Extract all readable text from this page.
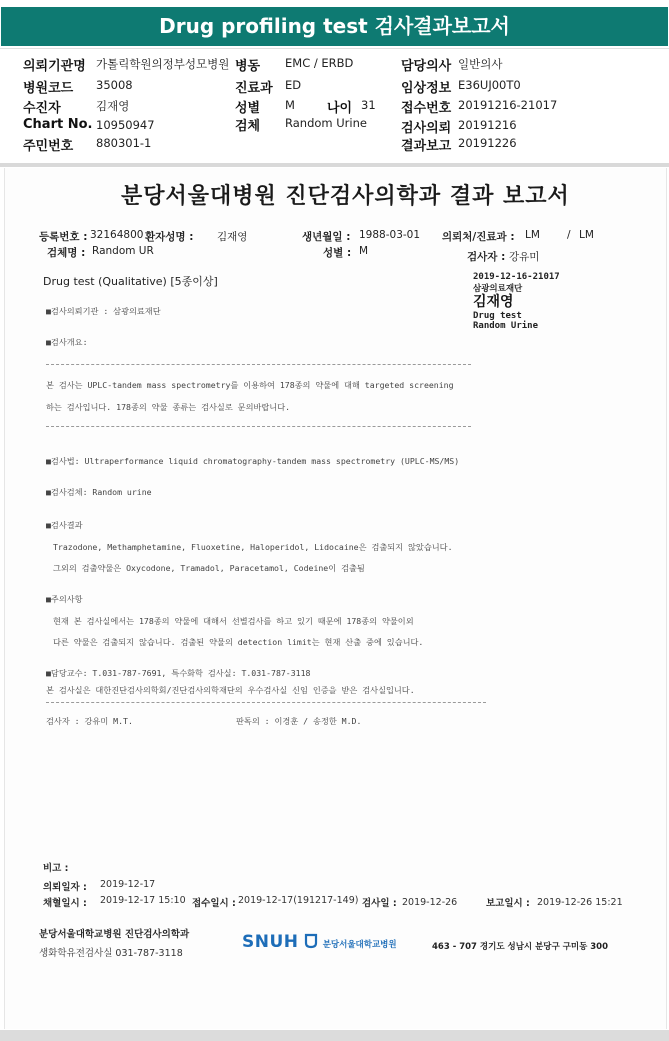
Drug profiling test 검사결과보고서
의뢰기관명 가톨릭학원의정부성모병원 병동 EMC / ERBD	담당의사 일반의사
병원코드 35008	진료과 ED	임상정보 E36UJ00T0
수진자	김재영	성별 M 나이 31 접수번호 20191216-21017
Chart No. 10950947	검체 Random Urine	검사의뢰 20191216
주민번호 880301-1	결과보고 20191226
분당서울대병원 진단검사의학과 결과 보고서
등록번호 : 32164800 환자성명 : 김재영	생년월일 : 1988-03-01 의뢰처/진료과 : LM	/ LM
검체명 : Random UR	성별 : M	검사자 : 강유미
Drug test (Qualitative) [5종이상]	2019-12-16-21017
삼광의료재단
김재영
Drug test
Random Urine
■검사의뢰기관 : 삼광의료재단
■검사개요:
본 검사는 UPLC-tandem mass spectrometry를 이용하여 178종의 약물에 대해 targeted screening
하는 검사입니다. 178종의 약물 종류는 검사실로 문의바랍니다.
■검사법: Ultraperformance liquid chromatography-tandem mass spectrometry (UPLC-MS/MS)
■검사검체: Random urine
■검사결과
Trazodone, Methamphetamine, Fluoxetine, Haloperidol, Lidocaine은 검출되지 않았습니다.
그외의 검출약물은 Oxycodone, Tramadol, Paracetamol, Codeine이 검출됨
■주의사항
현재 본 검사실에서는 178종의 약물에 대해서 선별검사를 하고 있기 때문에 178종의 약물이외
다른 약물은 검출되지 않습니다. 검출된 약물의 detection limit는 현재 산출 중에 있습니다.
■담당교수: T.031-787-7691, 특수화학 검사실: T.031-787-3118
본 검사실은 대한진단검사의학회/진단검사의학재단의 우수검사실 신임 인증을 받은 검사실입니다.
검사자 : 강유미 M.T.	판독의 : 이경훈 / 송정한 M.D.
비고 :
의뢰일자 : 2019-12-17
채혈일시 : 2019-12-17 15:10 접수일시 : 2019-12-17(191217-149) 검사일 : 2019-12-26	보고일시 : 2019-12-26 15:21
분당서울대학교병원 진단검사의학과
생화학유전검사실 031-787-3118
463 - 707 경기도 성남시 분당구 구미동 300
SNUH	분당서울대학교병원
